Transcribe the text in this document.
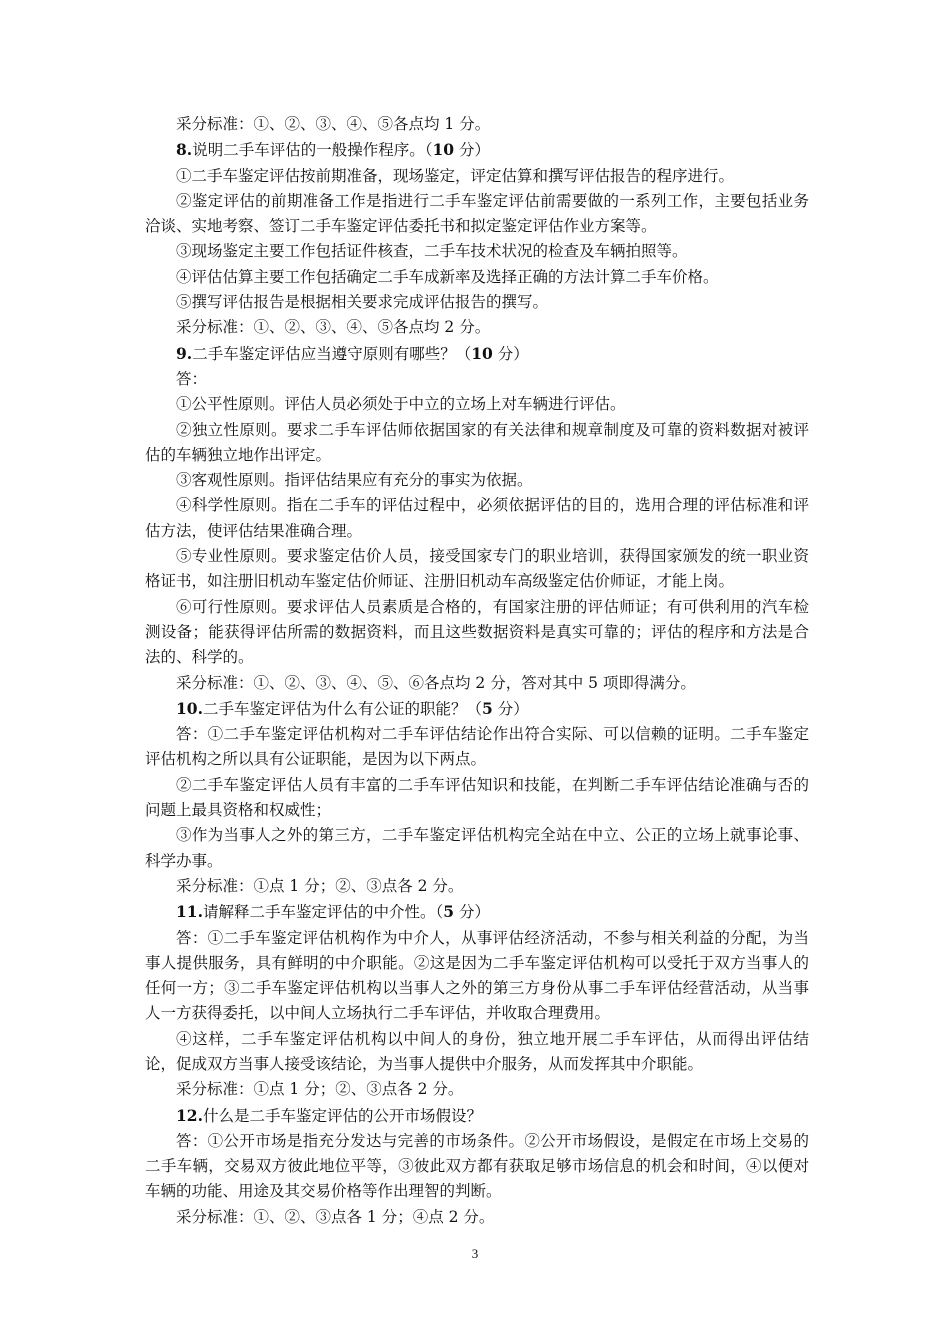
采分标准：①、②、③、④、⑤各点均 1 分。

8.说明二手车评估的一般操作程序。（10 分）

①二手车鉴定评估按前期准备，现场鉴定，评定估算和撰写评估报告的程序进行。

②鉴定评估的前期准备工作是指进行二手车鉴定评估前需要做的一系列工作，主要包括业务洽谈、实地考察、签订二手车鉴定评估委托书和拟定鉴定评估作业方案等。

③现场鉴定主要工作包括证件核查，二手车技术状况的检查及车辆拍照等。

④评估估算主要工作包括确定二手车成新率及选择正确的方法计算二手车价格。

⑤撰写评估报告是根据相关要求完成评估报告的撰写。

采分标准：①、②、③、④、⑤各点均 2 分。

9.二手车鉴定评估应当遵守原则有哪些？（10 分）

答：

①公平性原则。评估人员必须处于中立的立场上对车辆进行评估。

②独立性原则。要求二手车评估师依据国家的有关法律和规章制度及可靠的资料数据对被评估的车辆独立地作出评定。

③客观性原则。指评估结果应有充分的事实为依据。

④科学性原则。指在二手车的评估过程中，必须依据评估的目的，选用合理的评估标准和评估方法，使评估结果准确合理。

⑤专业性原则。要求鉴定估价人员，接受国家专门的职业培训，获得国家颁发的统一职业资格证书，如注册旧机动车鉴定估价师证、注册旧机动车高级鉴定估价师证，才能上岗。

⑥可行性原则。要求评估人员素质是合格的，有国家注册的评估师证；有可供利用的汽车检测设备；能获得评估所需的数据资料，而且这些数据资料是真实可靠的；评估的程序和方法是合法的、科学的。

采分标准：①、②、③、④、⑤、⑥各点均 2 分，答对其中 5 项即得满分。

10.二手车鉴定评估为什么有公证的职能？（5 分）

答：①二手车鉴定评估机构对二手车评估结论作出符合实际、可以信赖的证明。二手车鉴定评估机构之所以具有公证职能，是因为以下两点。

②二手车鉴定评估人员有丰富的二手车评估知识和技能，在判断二手车评估结论准确与否的问题上最具资格和权威性；

③作为当事人之外的第三方，二手车鉴定评估机构完全站在中立、公正的立场上就事论事、科学办事。

采分标准：①点 1 分；②、③点各 2 分。

11.请解释二手车鉴定评估的中介性。（5 分）

答：①二手车鉴定评估机构作为中介人，从事评估经济活动，不参与相关利益的分配，为当事人提供服务，具有鲜明的中介职能。②这是因为二手车鉴定评估机构可以受托于双方当事人的任何一方；③二手车鉴定评估机构以当事人之外的第三方身份从事二手车评估经营活动，从当事人一方获得委托，以中间人立场执行二手车评估，并收取合理费用。

④这样，二手车鉴定评估机构以中间人的身份，独立地开展二手车评估，从而得出评估结论，促成双方当事人接受该结论，为当事人提供中介服务，从而发挥其中介职能。

采分标准：①点 1 分；②、③点各 2 分。

12.什么是二手车鉴定评估的公开市场假设？

答：①公开市场是指充分发达与完善的市场条件。②公开市场假设，是假定在市场上交易的二手车辆，交易双方彼此地位平等，③彼此双方都有获取足够市场信息的机会和时间，④以便对车辆的功能、用途及其交易价格等作出理智的判断。

采分标准：①、②、③点各 1 分；④点 2 分。

3
